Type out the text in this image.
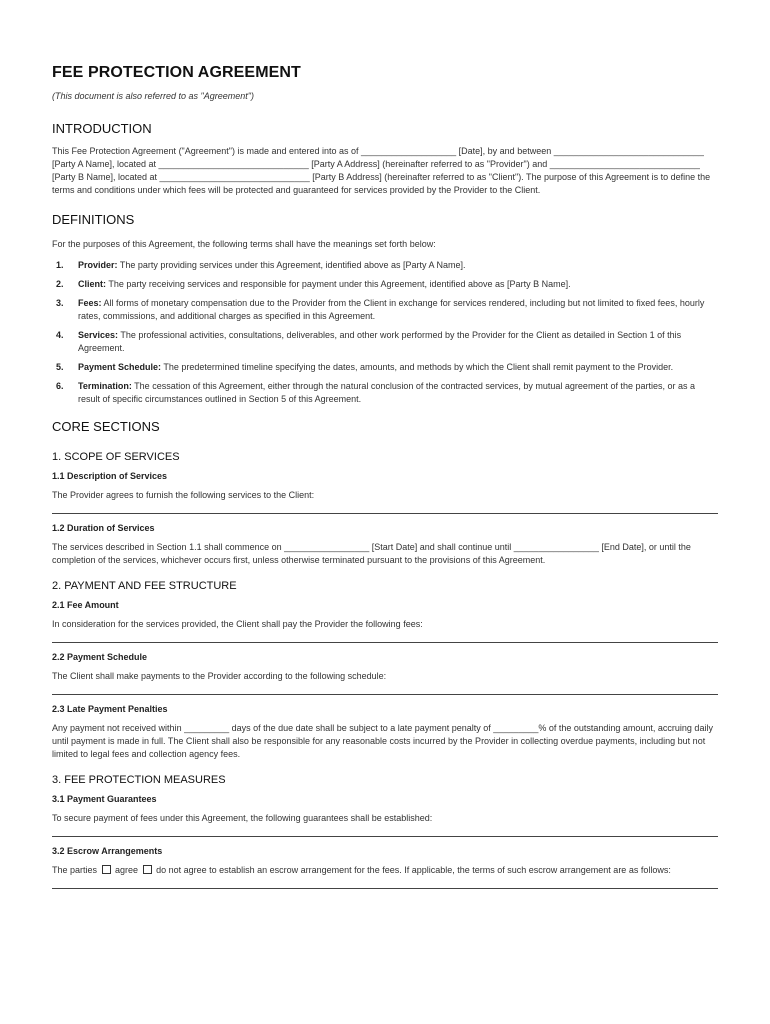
FEE PROTECTION AGREEMENT
(This document is also referred to as "Agreement")
INTRODUCTION
This Fee Protection Agreement ("Agreement") is made and entered into as of ___________________ [Date], by and between ______________________________ [Party A Name], located at ______________________________ [Party A Address] (hereinafter referred to as "Provider") and ______________________________ [Party B Name], located at ______________________________ [Party B Address] (hereinafter referred to as "Client"). The purpose of this Agreement is to define the terms and conditions under which fees will be protected and guaranteed for services provided by the Provider to the Client.
DEFINITIONS
For the purposes of this Agreement, the following terms shall have the meanings set forth below:
1. Provider: The party providing services under this Agreement, identified above as [Party A Name].
2. Client: The party receiving services and responsible for payment under this Agreement, identified above as [Party B Name].
3. Fees: All forms of monetary compensation due to the Provider from the Client in exchange for services rendered, including but not limited to fixed fees, hourly rates, commissions, and additional charges as specified in this Agreement.
4. Services: The professional activities, consultations, deliverables, and other work performed by the Provider for the Client as detailed in Section 1 of this Agreement.
5. Payment Schedule: The predetermined timeline specifying the dates, amounts, and methods by which the Client shall remit payment to the Provider.
6. Termination: The cessation of this Agreement, either through the natural conclusion of the contracted services, by mutual agreement of the parties, or as a result of specific circumstances outlined in Section 5 of this Agreement.
CORE SECTIONS
1. SCOPE OF SERVICES
1.1 Description of Services
The Provider agrees to furnish the following services to the Client:
1.2 Duration of Services
The services described in Section 1.1 shall commence on _________________ [Start Date] and shall continue until _________________ [End Date], or until the completion of the services, whichever occurs first, unless otherwise terminated pursuant to the provisions of this Agreement.
2. PAYMENT AND FEE STRUCTURE
2.1 Fee Amount
In consideration for the services provided, the Client shall pay the Provider the following fees:
2.2 Payment Schedule
The Client shall make payments to the Provider according to the following schedule:
2.3 Late Payment Penalties
Any payment not received within _________ days of the due date shall be subject to a late payment penalty of _________% of the outstanding amount, accruing daily until payment is made in full. The Client shall also be responsible for any reasonable costs incurred by the Provider in collecting overdue payments, including but not limited to legal fees and collection agency fees.
3. FEE PROTECTION MEASURES
3.1 Payment Guarantees
To secure payment of fees under this Agreement, the following guarantees shall be established:
3.2 Escrow Arrangements
The parties  agree  do not agree to establish an escrow arrangement for the fees. If applicable, the terms of such escrow arrangement are as follows:
